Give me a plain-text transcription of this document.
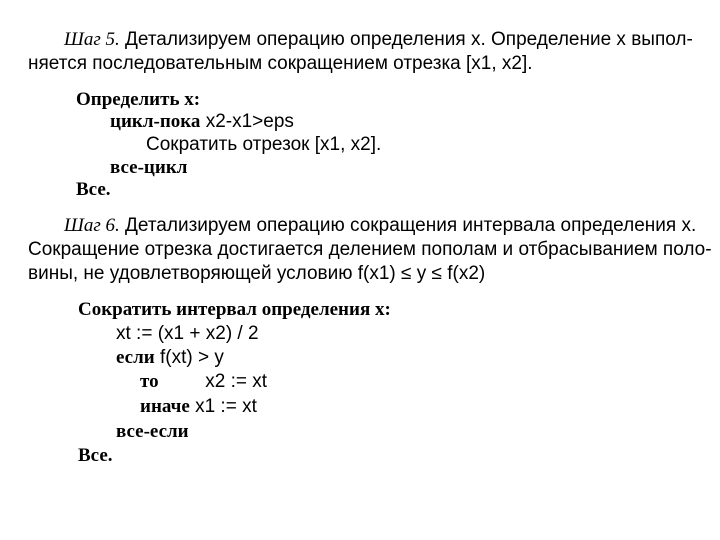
Шаг 5. Детализируем операцию определения x. Определение x выпол-
няется последовательным сокращением отрезка [x1, x2].
Определить x:
цикл-пока x2-x1>eps
Сократить отрезок [x1, x2].
все-цикл
Все.
Шаг 6. Детализируем операцию сокращения интервала определения x.
Сокращение отрезка достигается делением пополам и отбрасыванием поло-
вины, не удовлетворяющей условию f(x1) ≤ y ≤ f(x2)
Сократить интервал определения x:
xt := (x1 + x2) / 2
если f(xt) > y
то x2 := xt
иначе x1 := xt
все-если
Все.
